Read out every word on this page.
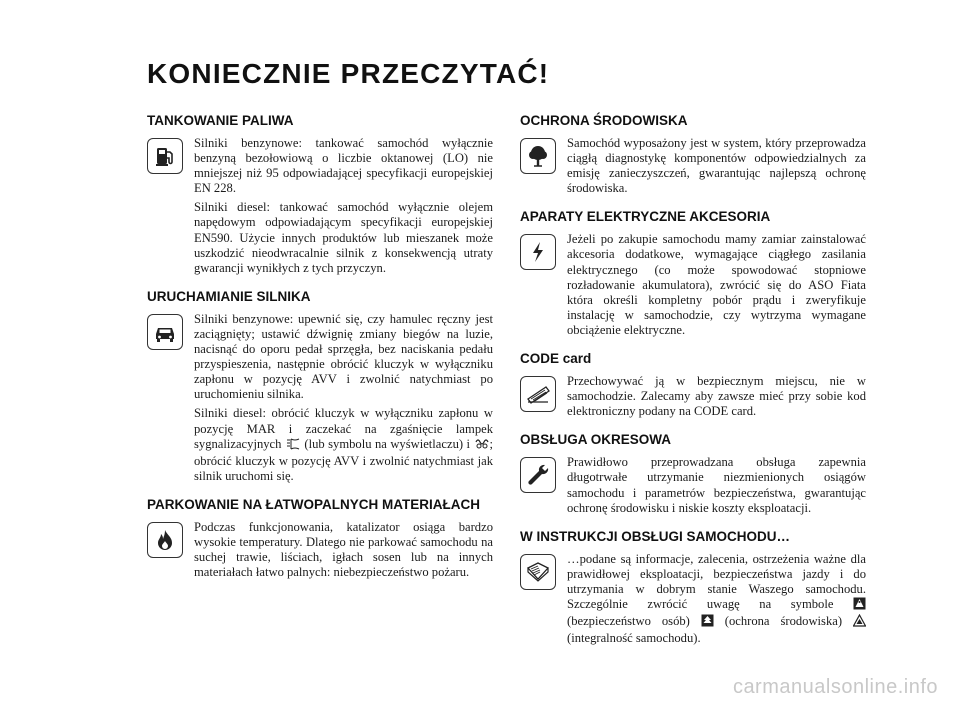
KONIECZNIE PRZECZYTAĆ!
TANKOWANIE PALIWA

Silniki benzynowe: tankować samochód wyłącznie benzyną bezołowiową o liczbie oktanowej (LO) nie mniejszej niż 95 odpowiadającej specyfikacji europejskiej EN 228.

Silniki diesel: tankować samochód wyłącznie olejem napędowym odpowiadającym specyfikacji europejskiej EN590. Użycie innych produktów lub mieszanek może uszkodzić nieodwracalnie silnik z konsekwencją utraty gwarancji wynikłych z tych przyczyn.

URUCHAMIANIE SILNIKA

Silniki benzynowe: upewnić się, czy hamulec ręczny jest zaciągnięty; ustawić dźwignię zmiany biegów na luzie, nacisnąć do oporu pedał sprzęgła, bez naciskania pedału przyspieszenia, następnie obrócić kluczyk w wyłączniku zapłonu w pozycję AVV i zwolnić natychmiast po uruchomieniu silnika.

Silniki diesel: obrócić kluczyk w wyłączniku zapłonu w pozycję MAR i zaczekać na zgaśnięcie lampek sygnalizacyjnych  (lub symbolu na wyświetlaczu) i ; obrócić kluczyk w pozycję AVV i zwolnić natychmiast jak silnik uruchomi się.

PARKOWANIE NA ŁATWOPALNYCH MATERIAŁACH

Podczas funkcjonowania, katalizator osiąga bardzo wysokie temperatury. Dlatego nie parkować samochodu na suchej trawie, liściach, igłach sosen lub na innych materiałach łatwo palnych: niebezpieczeństwo pożaru.

OCHRONA ŚRODOWISKA

Samochód wyposażony jest w system, który przeprowadza ciągłą diagnostykę komponentów odpowiedzialnych za emisję zanieczyszczeń, gwarantując najlepszą ochronę środowiska.

APARATY ELEKTRYCZNE AKCESORIA

Jeżeli po zakupie samochodu mamy zamiar zainstalować akcesoria dodatkowe, wymagające ciągłego zasilania elektrycznego (co może spowodować stopniowe rozładowanie akumulatora), zwrócić się do ASO Fiata która określi kompletny pobór prądu i zweryfikuje instalację w samochodzie, czy wytrzyma wymagane obciążenie elektryczne.

CODE card

Przechowywać ją w bezpiecznym miejscu, nie w samochodzie. Zalecamy aby zawsze mieć przy sobie kod elektroniczny podany na CODE card.

OBSŁUGA OKRESOWA

Prawidłowo przeprowadzana obsługa zapewnia długotrwałe utrzymanie niezmienionych osiągów samochodu i parametrów bezpieczeństwa, gwarantując ochronę środowisku i niskie koszty eksploatacji.

W INSTRUKCJI OBSŁUGI SAMOCHODU…

…podane są informacje, zalecenia, ostrzeżenia ważne dla prawidłowej eksploatacji, bezpieczeństwa jazdy i do utrzymania w dobrym stanie Waszego samochodu. Szczególnie zwrócić uwagę na symbole  (bezpieczeństwo osób)  (ochrona środowiska)  (integralność samochodu).

carmanualsonline.info
